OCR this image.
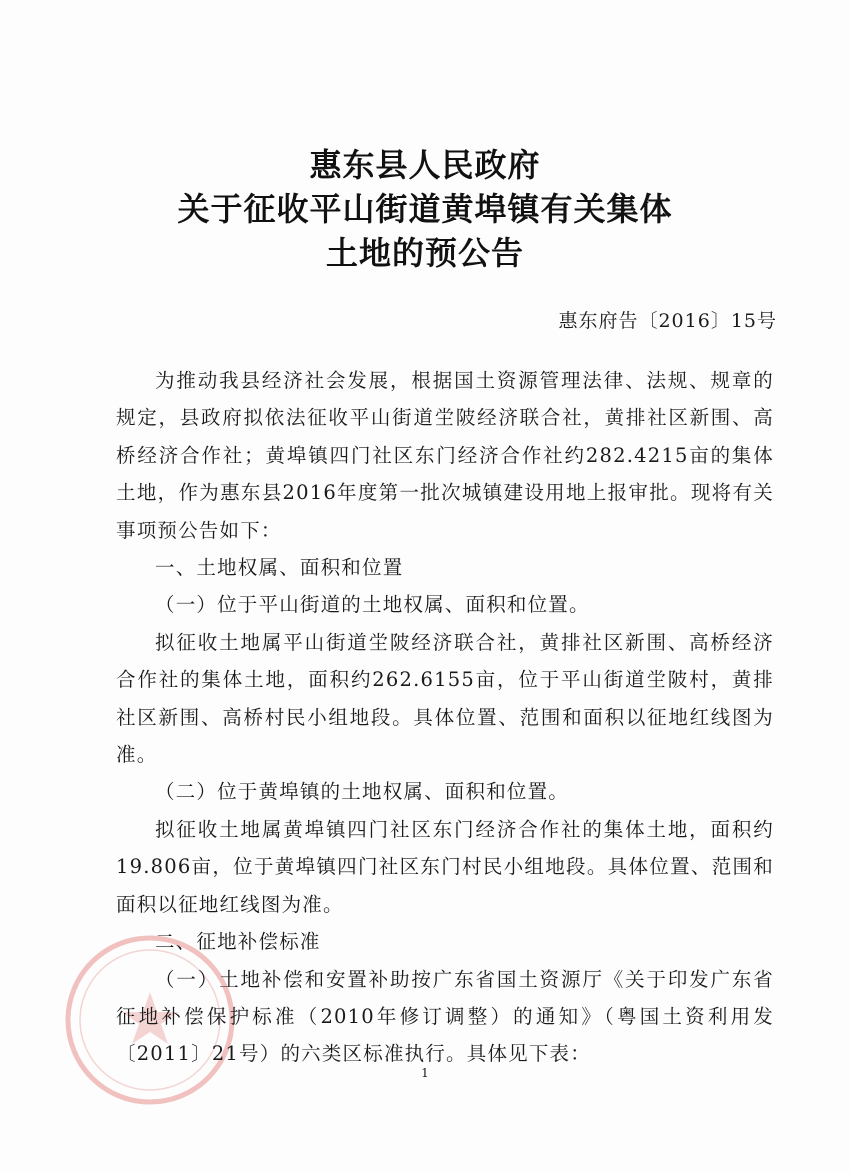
惠东县人民政府
关于征收平山街道黄埠镇有关集体
土地的预公告
惠东府告〔2016〕15号

为推动我县经济社会发展，根据国土资源管理法律、法规、规章的规定，县政府拟依法征收平山街道坣陂经济联合社，黄排社区新围、高桥经济合作社；黄埠镇四门社区东门经济合作社约282.4215亩的集体土地，作为惠东县2016年度第一批次城镇建设用地上报审批。现将有关事项预公告如下：

一、土地权属、面积和位置

（一）位于平山街道的土地权属、面积和位置。

拟征收土地属平山街道坣陂经济联合社，黄排社区新围、高桥经济合作社的集体土地，面积约262.6155亩，位于平山街道坣陂村，黄排社区新围、高桥村民小组地段。具体位置、范围和面积以征地红线图为准。

（二）位于黄埠镇的土地权属、面积和位置。

拟征收土地属黄埠镇四门社区东门经济合作社的集体土地，面积约19.806亩，位于黄埠镇四门社区东门村民小组地段。具体位置、范围和面积以征地红线图为准。

二、征地补偿标准

（一）土地补偿和安置补助按广东省国土资源厅《关于印发广东省征地补偿保护标准（2010年修订调整）的通知》（粤国土资利用发〔2011〕21号）的六类区标准执行。具体见下表：

1
